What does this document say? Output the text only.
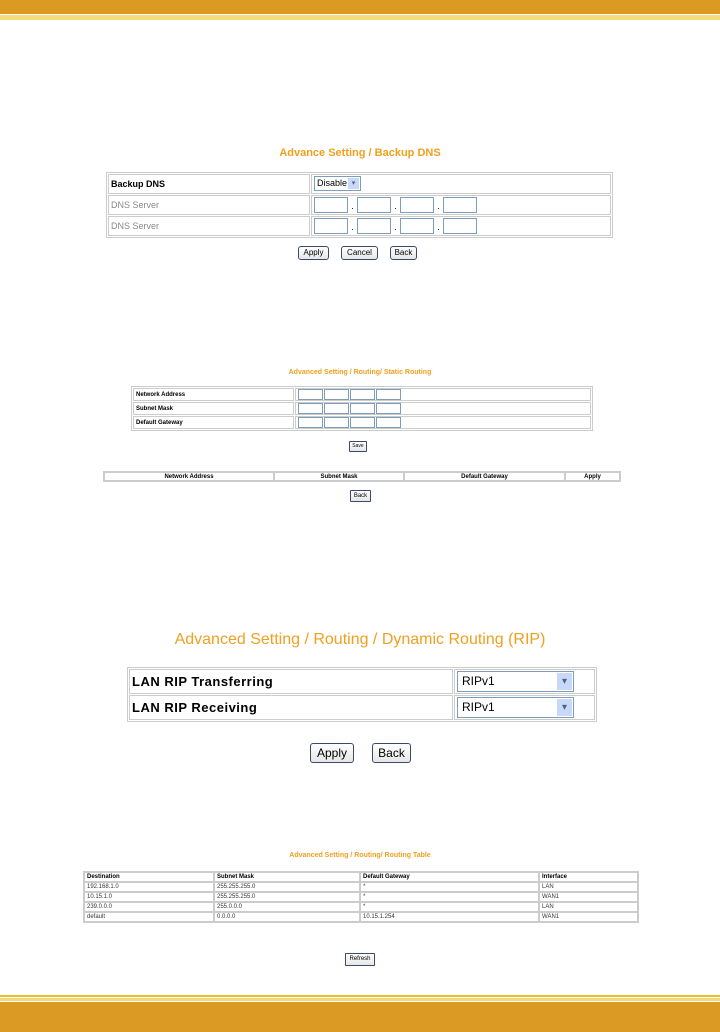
Advance Setting / Backup DNS
Backup DNS	Disable ▾

DNS Server	. . .
DNS Server	. . .
Apply	Cancel	Back
Advanced Setting / Routing/ Static Routing
Network Address	
Subnet Mask	
Default Gateway	
Save
Network Address	Subnet Mask	Default Gateway	Apply
Back
Advanced Setting / Routing / Dynamic Routing (RIP)
LAN RIP Transferring	RIPv1 ▾

LAN RIP Receiving	RIPv1 ▾
Apply	Back
Advanced Setting / Routing/ Routing Table
Destination	Subnet Mask	Default Gateway	Interface
192.168.1.0	255.255.255.0	*	LAN
10.15.1.0	255.255.255.0	*	WAN1
239.0.0.0	255.0.0.0	*	LAN
default	0.0.0.0	10.15.1.254	WAN1
Refresh
